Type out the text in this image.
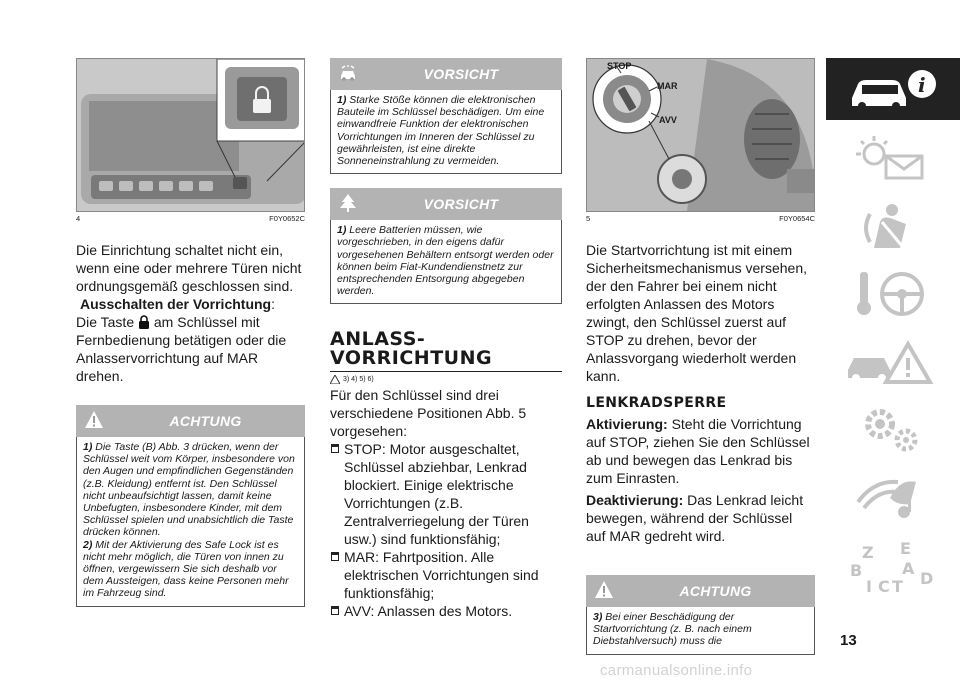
4	F0Y0652C

Die Einrichtung schaltet nicht ein, wenn eine oder mehrere Türen nicht ordnungsgemäß geschlossen sind.

Ausschalten der Vorrichtung:

Die Taste am Schlüssel mit Fernbedienung betätigen oder die Anlasservorrichtung auf MAR drehen.

ACHTUNG

1) Die Taste (B) Abb. 3 drücken, wenn der Schlüssel weit vom Körper, insbesondere von den Augen und empfindlichen Gegenständen (z.B. Kleidung) entfernt ist. Den Schlüssel nicht unbeaufsichtigt lassen, damit keine Unbefugten, insbesondere Kinder, mit dem Schlüssel spielen und unabsichtlich die Taste drücken können.

2) Mit der Aktivierung des Safe Lock ist es nicht mehr möglich, die Türen von innen zu öffnen, vergewissern Sie sich deshalb vor dem Aussteigen, dass keine Personen mehr im Fahrzeug sind.

VORSICHT

1) Starke Stöße können die elektronischen Bauteile im Schlüssel beschädigen. Um eine einwandfreie Funktion der elektronischen Vorrichtungen im Inneren der Schlüssel zu gewährleisten, ist eine direkte Sonneneinstrahlung zu vermeiden.

VORSICHT

1) Leere Batterien müssen, wie vorgeschrieben, in den eigens dafür vorgesehenen Behältern entsorgt werden oder können beim Fiat-Kundendienstnetz zur entsprechenden Entsorgung abgegeben werden.

ANLASS-
VORRICHTUNG
3) 4) 5) 6)

Für den Schlüssel sind drei verschiedene Positionen Abb. 5 vorgesehen:

STOP: Motor ausgeschaltet, Schlüssel abziehbar, Lenkrad blockiert. Einige elektrische Vorrichtungen (z.B. Zentralverriegelung der Türen usw.) sind funktionsfähig;
MAR: Fahrtposition. Alle elektrischen Vorrichtungen sind funktionsfähig;
AVV: Anlassen des Motors.
STOP
MAR
AVV
5	F0Y0654C

Die Startvorrichtung ist mit einem Sicherheitsmechanismus versehen, der den Fahrer bei einem nicht erfolgten Anlassen des Motors zwingt, den Schlüssel zuerst auf STOP zu drehen, bevor der Anlassvorgang wiederholt werden kann.

LENKRADSPERRE

Aktivierung: Steht die Vorrichtung auf STOP, ziehen Sie den Schlüssel ab und bewegen das Lenkrad bis zum Einrasten.

Deaktivierung: Das Lenkrad leicht bewegen, während der Schlüssel auf MAR gedreht wird.

ACHTUNG

3) Bei einer Beschädigung der Startvorrichtung (z. B. nach einem Diebstahlversuch) muss die

i
Z E
B A
I C T D
13
carmanualsonline.info
